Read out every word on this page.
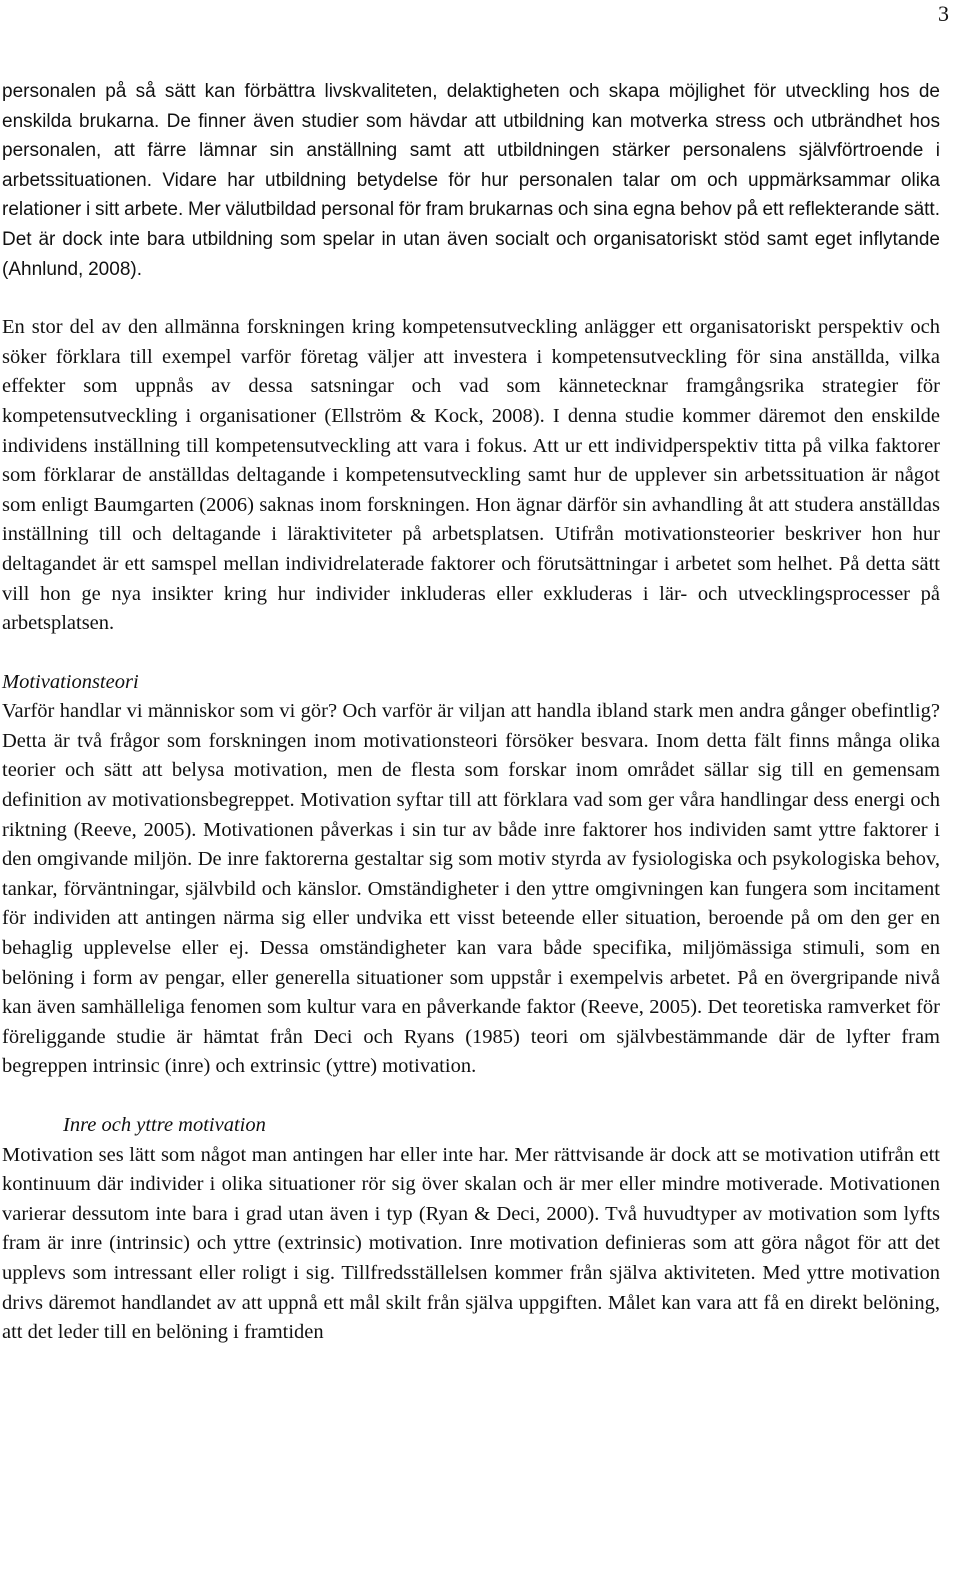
3

personalen på så sätt kan förbättra livskvaliteten, delaktigheten och skapa möjlighet för utveckling hos de enskilda brukarna. De finner även studier som hävdar att utbildning kan motverka stress och utbrändhet hos personalen, att färre lämnar sin anställning samt att utbildningen stärker personalens självförtroende i arbetssituationen. Vidare har utbildning betydelse för hur personalen talar om och uppmärksammar olika relationer i sitt arbete. Mer välutbildad personal för fram brukarnas och sina egna behov på ett reflekterande sätt. Det är dock inte bara utbildning som spelar in utan även socialt och organisatoriskt stöd samt eget inflytande (Ahnlund, 2008).

En stor del av den allmänna forskningen kring kompetensutveckling anlägger ett organisatoriskt perspektiv och söker förklara till exempel varför företag väljer att investera i kompetensutveckling för sina anställda, vilka effekter som uppnås av dessa satsningar och vad som kännetecknar framgångsrika strategier för kompetensutveckling i organisationer (Ellström & Kock, 2008). I denna studie kommer däremot den enskilde individens inställning till kompetensutveckling att vara i fokus. Att ur ett individperspektiv titta på vilka faktorer som förklarar de anställdas deltagande i kompetensutveckling samt hur de upplever sin arbetssituation är något som enligt Baumgarten (2006) saknas inom forskningen. Hon ägnar därför sin avhandling åt att studera anställdas inställning till och deltagande i läraktiviteter på arbetsplatsen. Utifrån motivationsteorier beskriver hon hur deltagandet är ett samspel mellan individrelaterade faktorer och förutsättningar i arbetet som helhet. På detta sätt vill hon ge nya insikter kring hur individer inkluderas eller exkluderas i lär- och utvecklingsprocesser på arbetsplatsen.

Motivationsteori

Varför handlar vi människor som vi gör? Och varför är viljan att handla ibland stark men andra gånger obefintlig? Detta är två frågor som forskningen inom motivationsteori försöker besvara. Inom detta fält finns många olika teorier och sätt att belysa motivation, men de flesta som forskar inom området sällar sig till en gemensam definition av motivationsbegreppet. Motivation syftar till att förklara vad som ger våra handlingar dess energi och riktning (Reeve, 2005). Motivationen påverkas i sin tur av både inre faktorer hos individen samt yttre faktorer i den omgivande miljön. De inre faktorerna gestaltar sig som motiv styrda av fysiologiska och psykologiska behov, tankar, förväntningar, självbild och känslor. Omständigheter i den yttre omgivningen kan fungera som incitament för individen att antingen närma sig eller undvika ett visst beteende eller situation, beroende på om den ger en behaglig upplevelse eller ej. Dessa omständigheter kan vara både specifika, miljömässiga stimuli, som en belöning i form av pengar, eller generella situationer som uppstår i exempelvis arbetet. På en övergripande nivå kan även samhälleliga fenomen som kultur vara en påverkande faktor (Reeve, 2005). Det teoretiska ramverket för föreliggande studie är hämtat från Deci och Ryans (1985) teori om självbestämmande där de lyfter fram begreppen intrinsic (inre) och extrinsic (yttre) motivation.

Inre och yttre motivation

Motivation ses lätt som något man antingen har eller inte har. Mer rättvisande är dock att se motivation utifrån ett kontinuum där individer i olika situationer rör sig över skalan och är mer eller mindre motiverade. Motivationen varierar dessutom inte bara i grad utan även i typ (Ryan & Deci, 2000). Två huvudtyper av motivation som lyfts fram är inre (intrinsic) och yttre (extrinsic) motivation. Inre motivation definieras som att göra något för att det upplevs som intressant eller roligt i sig. Tillfredsställelsen kommer från själva aktiviteten. Med yttre motivation drivs däremot handlandet av att uppnå ett mål skilt från själva uppgiften. Målet kan vara att få en direkt belöning, att det leder till en belöning i framtiden
